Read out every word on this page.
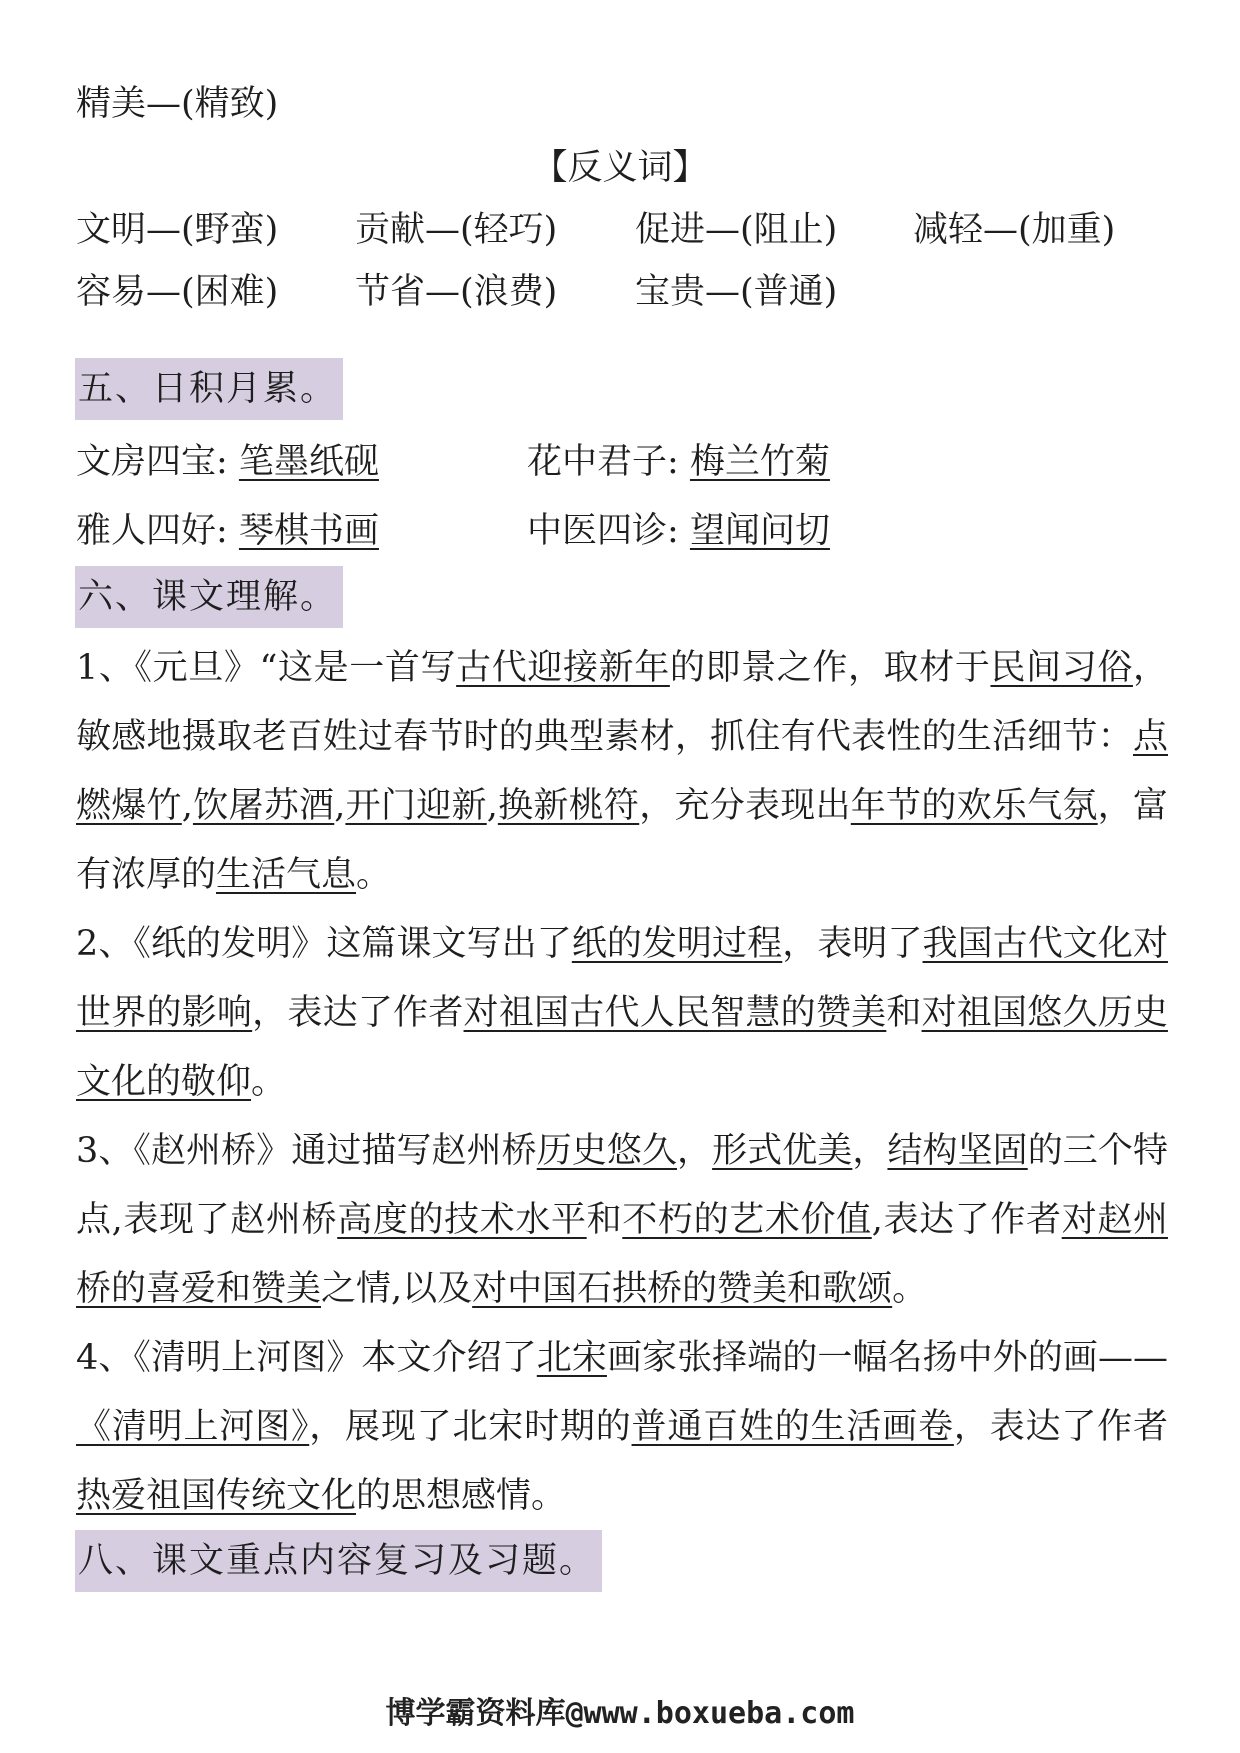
精美—(精致)
【反义词】
文明—(野蛮) 贡献—(轻巧) 促进—(阻止) 减轻—(加重)
容易—(困难) 节省—(浪费) 宝贵—(普通)
五、日积月累。
文房四宝: 笔墨纸砚	花中君子: 梅兰竹菊
雅人四好: 琴棋书画	中医四诊: 望闻问切
六、课文理解。
1、《元旦》“这是一首写古代迎接新年的即景之作，取材于民间习俗，敏感地摄取老百姓过春节时的典型素材，抓住有代表性的生活细节：点燃爆竹,饮屠苏酒,开门迎新,换新桃符，充分表现出年节的欢乐气氛，富有浓厚的生活气息。
2、《纸的发明》这篇课文写出了纸的发明过程，表明了我国古代文化对世界的影响，表达了作者对祖国古代人民智慧的赞美和对祖国悠久历史文化的敬仰。
3、《赵州桥》通过描写赵州桥历史悠久，形式优美，结构坚固的三个特点,表现了赵州桥高度的技术水平和不朽的艺术价值,表达了作者对赵州桥的喜爱和赞美之情,以及对中国石拱桥的赞美和歌颂。
4、《清明上河图》本文介绍了北宋画家张择端的一幅名扬中外的画——《清明上河图》，展现了北宋时期的普通百姓的生活画卷，表达了作者热爱祖国传统文化的思想感情。
八、课文重点内容复习及习题。
博学霸资料库@www.boxueba.com
